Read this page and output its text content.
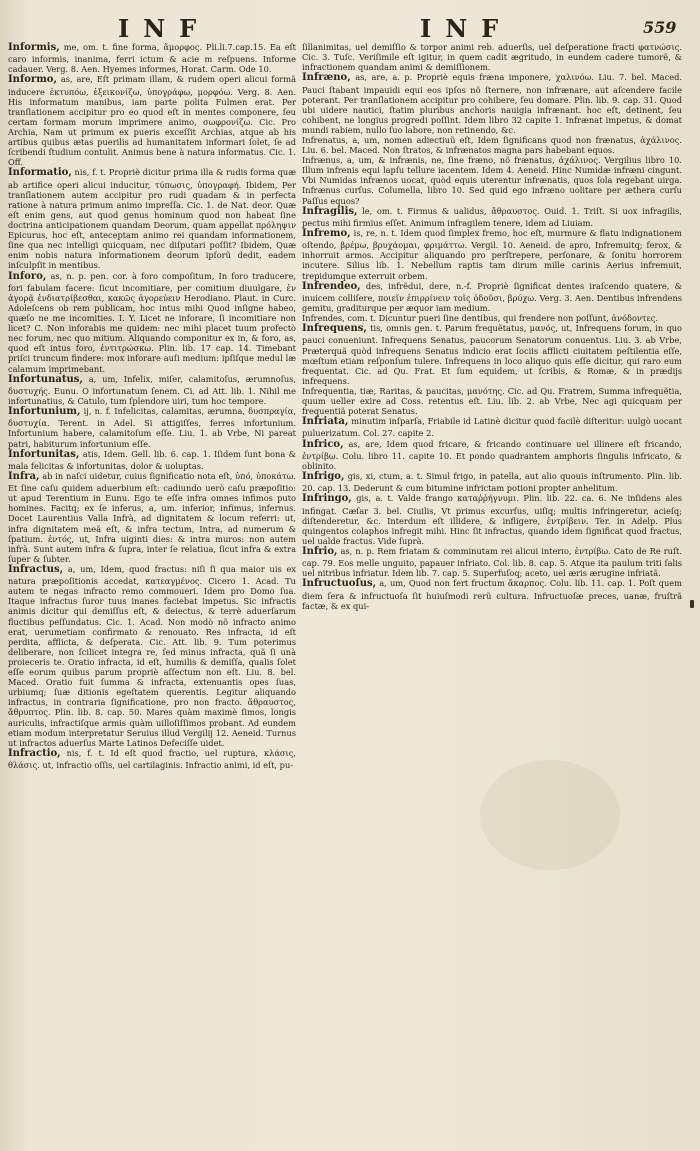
INF	INF	559

Informis, me, om. t. fine forma, ἄμορφος. Pli.li.7.cap.15. Ea eſt caro informis, inanima, ferri ictum & acie m reſpuens. Informe cadauer. Verg. 8. Aen. Hyemes informes, Horat. Carm. Ode 10.

Informo, as, are, Eſt primam illam, & rudem operi alicui formã inducere ἐκτυπόω, ἐξεικονίζω, ὑπογράφω, μορφόω. Verg. 8. Aen. His informatum manibus, iam parte polita Fulmen erat. Per tranſlationem accipitur pro eo quod eſt in mentes componere, ſeu certam formam morum imprimere animo, σωφρονίζω. Cic. Pro Archia, Nam ut primum ex pueris exceſſit Archias, atque ab his artibus quibus ætas puerilis ad humanitatem informari ſolet, ſe ad ſcribendi ſtudium contulit. Animus bene à natura informatus. Cic. 1. Off.

Informatio, nis, f. t. Propriè dicitur prima illa & rudis forma quæ ab artifice operi alicui inducitur, τύπωσις, ὑπογραφή. Ibidem, Per tranſlationem autem accipitur pro rudi quadam & in perfecta ratione à natura primum animo impreſſa. Cic. 1. de Nat. deor. Quæ eſt enim gens, aut quod genus hominum quod non habeat ſine doctrina anticipationem quandam Deorum, quam appellat πρόληψιν Epicurus, hoc eſt, anteceptam animo rei quandam informationem, ſine qua nec intelligi quicquam, nec diſputari poſſit? Ibidem, Quæ enim nobis natura informationem deorum ipſorũ dedit, eadem inſculpſit in mentibus.

Inforo, as, n. p. pen. cor. à foro compoſitum, In foro traducere, fori fabulam facere: ſicut incomitiare, per comitium diuulgare, ἐν ἀγορᾷ ἐνδιατρίβεσθαι, κακῶς ἀγορεύειν Herodiano. Plaut. in Curc. Adoleſcens ob rem publicam, hoc intus mihi Quod inſigne habeo, quæſo ne me incomities. I. Y. Licet ne inforare, ſi incomitiare non licet? C. Non inforabis me quidem: nec mihi placet tuum profectò nec forum, nec quo mitium. Aliquando componitur ex in, & foro, as, quod eſt intus foro, ἐντιτρώσκω. Plin. lib. 17 cap. 14. Timebant priſci truncum findere: mox inforare auſi medium: ipſiſque medul læ calamum imprimebant.

Infortunatus, a, um, Infelix, miſer, calamitoſus, ærumnoſus, δυστυχής. Eunu. O infortunatum ſenem. Ci. ad Att. lib. 1. Nihil me infortunatius, & Catulo, tum ſplendore uiri, tum hoc tempore.

Infortunium, ij, n. f. Infelicitas, calamitas, ærumna, δυσπραγία, δυστυχία. Terent. in Adel. Si attigiſſes, ferres infortunium. Infortunium habere, calamitoſum eſſe. Liu. 1. ab Vrbe, Ni pareat patri, habiturum infortunium eſſe.

Infortunitas, atis, Idem. Gell. lib. 6. cap. 1. Iſidem ſunt bona & mala felicitas & infortunitas, dolor & uoluptas.

Infra, ab in naſci uidetur, cuius ſignificatio nota eſt, ὑπό, ὑποκάτω. Et ſine caſu quidem aduerbium eſt: cadiundo uerò caſu præpoſitio: ut apud Terentium in Eunu. Ego te eſſe infra omnes infimos puto homines. Facitq; ex ſe inferus, a, um. inferior, infimus, infernus. Docet Laurentius Valla Infrà, ad dignitatem & locum referri: ut, infra dignitatem meã eſt, & infra tectum, Intra, ad numerum & ſpatium. ἐντός, ut, Infra uiginti dies: & intra muros: non autem infrà. Sunt autem infra & ſupra, inter ſe relatiua, ſicut infra & extra ſuper & ſubter.

Infractus, a, um, Idem, quod fractus: niſi ſi qua maior uis ex natura præpoſitionis accedat, κατεαγμένος. Cicero 1. Acad. Tu autem te negas infracto remo commoueri. Idem pro Domo ſua. Itaque infractus ſuror tuus inanes faciebat impetus. Sic infractis animis dicitur qui demiſſus eſt, & deiectus, & terrè aduerſarum fluctibus peſſundatus. Cic. 1. Acad. Non modò nõ infracto animo erat, uerumetiam confirmato & renouato. Res infracta, id eſt perdita, afflicta, & deſperata. Cic. Att. lib. 9. Tum poterimus deliberare, non ſcilicet integra re, ſed minus infracta, quã ſi unà proieceris te. Oratio infracta, id eſt, humilis & demiſſa, qualis ſolet eſſe eorum quibus parum propriè aſſectum non eſt. Liu. 8. bel. Maced. Oratio fuit ſumma & infracta, extenuantis opes ſuas, urbiumq; ſuæ ditionis egeſtatem querentis. Legitur aliquando infractus, in contraria ſignificatione, pro non fracto. ἄθραυστος, ἄθρυπτος. Plin. lib. 8. cap. 50. Mares quàm maximè ſimos, longis auriculis, infractiſque armis quàm uilloſiſſimos probant. Ad eundem etiam modum interpretatur Seruius illud Vergilij 12. Aeneid. Turnus ut infractos aduerſus Marte Latinos Defeciſſe uidet.

Infractio, nis, f. t. Id eſt quod fractio, uel ruptura, κλάσις, θλάσις. ut, infractio oſſis, uel cartilaginis. Infractio animi, id eſt, pu-

ſillanimitas, uel demiſſio & torpor animi reb. aduerſis, uel deſperatione fracti φατνώσις. Cic. 3. Tuſc. Veriſimile eſt igitur, in quem cadit ægritudo, in eundem cadere tumorẽ, & infractionem quandam animi & demiſſionem.

Infræno, as, are, a. p. Propriè equis fræna imponere, χαλινόω. Liu. 7. bel. Maced. Pauci ſtabant impauidi equi eos ipſos nõ ſternere, non infrænare, aut aſcendere facile poterant. Per tranſlationem accipitur pro cohibere, ſeu domare. Plin. lib. 9. cap. 31. Quod ubi uidere nautici, ſtatim pluribus anchoris nauigia infrænant. hoc eſt, detinent, ſeu cohibent, ne longius progredi poſſint. Idem libro 32 capite 1. Infrænat impetus, & domat mundi rabiem, nullo ſuo labore, non retinendo, &c.

Infrenatus, a, um, nomen adiectiuũ eſt, Idem ſignificans quod non frænatus, ἀχάλινος. Liu. 6. bel. Maced. Non ſtratos, & infrænatos magna pars habebant equos.

Infrænus, a, um, & infrænis, ne, ſine fræno, nõ frænatus, ἀχάλινος. Vergilius libro 10. Illum infrenis equi lapſu tellure iacentem. Idem 4. Aeneid. Hinc Numidæ infræni cingunt. Vbi Numidas infrænos uocat, quòd equis uterentur infrænatis, quos ſola regebant uirga. Infrænus curſus. Columella, libro 10. Sed quid ego infræno uolitare per æthera curſu Paſſus equos?

Infragilis, le, om. t. Firmus & ualidus, ἄθραυστος. Ouid. 1. Triſt. Si uox infragilis, pectus mihi firmius eſſet. Animum infragilem tenere, idem ad Liuiam.

Infremo, is, re, n. t. Idem quod ſimplex fremo, hoc eſt, murmure & flatu indignationem oſtendo, βρέμω, βρυχάομαι, φριμάττω. Vergil. 10. Aeneid. de apro, Infremuitq; ferox, & inhorruit armos. Accipitur aliquando pro perſtrepere, perſonare, & ſonitu horrorem incutere. Silius lib. 1. Nebellum raptis tam dirum mille carinis Aerius infremuit, trepidumque exterruit orbem.

Infrendeo, des, infrẽdui, dere, n.-f. Propriè ſignificat dentes iraſcendo quatere, & inuicem colliſere, ποιεῖν ἐπιρρίνειν τοῖς ὀδοῦσι, βρύχω. Verg. 3. Aen. Dentibus infrendens gemitu, graditurque per æquor iam medium.

Infrendes, com. t. Dicuntur pueri ſine dentibus, qui frendere non poſſunt, ἀνόδοντες.

Infrequens, tis, omnis gen. t. Parum frequẽtatus, μανός, ut, Infrequens forum, in quo pauci conueniunt. Infrequens Senatus, paucorum Senatorum conuentus. Liu. 3. ab Vrbe, Præterquã quòd infrequens Senatus indicio erat ſociis afflicti ciuitatem peſtilentia eſſe, mœſtum etiam reſponſum tulere. Infrequens in loco aliquo quis eſſe dicitur, qui raro eum frequentat. Cic. ad Qu. Frat. Et ſum equidem, ut ſcribis, & Romæ, & in prædijs infrequens.

Infrequentia, tiæ, Raritas, & paucitas, μανότης. Cic. ad Qu. Fratrem, Summa infrequẽtia, quum ueller exire ad Coss. retentus eſt. Liu. lib. 2. ab Vrbe, Nec agi quicquam per frequentiã poterat Senatus.

Infriata, minutim inſparſa, Friabile id Latinè dicitur quod facilè diſteritur: uulgò uocant puluerizatum. Col. 27. capite 2.

Infrico, as, are, Idem quod fricare, & fricando continuare uel illinere eſt fricando, ἐντρίβω. Colu. libro 11. capite 10. Et pondo quadrantem amphoris ſingulis infricato, & oblinito.

Infrigo, gis, xi, ctum, a. t. Simul frigo, in patella, aut alio quouis inſtrumento. Plin. lib. 20. cap. 13. Dederunt & cum bitumine infrictam potioni propter anhelitum.

Infringo, gis, a. t. Valde frango καταῤῥήγνυμι. Plin. lib. 22. ca. 6. Ne inſidens ales infingat. Cæſar 3. bel. Ciuilis, Vt primus excurſus, uiſiq; multis infringeretur, acieſq; diſtenderetur, &c. Interdum eſt illidere, & infligere, ἐντρίβειν. Ter. in Adelp. Plus quingentos colaphos infregit mihi. Hinc ſit infractus, quando idem ſignificat quod fractus, uel ualde fractus. Vide ſuprà.

Infrio, as, n. p. Rem friatam & comminutam rei alicui interɪo, ἐντρίβω. Cato de Re ruſt. cap. 79. Eos melle unguito, papauer infriato. Col. lib. 8. cap. 5. Atque ita paulum triti ſalis uel nitribus infriatur. Idem lib. 7. cap. 5. Superfuſoq; aceto, uel æris ærugine infriatã.

Infructuoſus, a, um, Quod non fert fructum ἄκαρπος. Colu. lib. 11. cap. 1. Poſt quem diem ſera & infructuoſa ſit huiuſmodi rerũ cultura. Infructuoſæ preces, uanæ, fruſtrã factæ, & ex qui-
